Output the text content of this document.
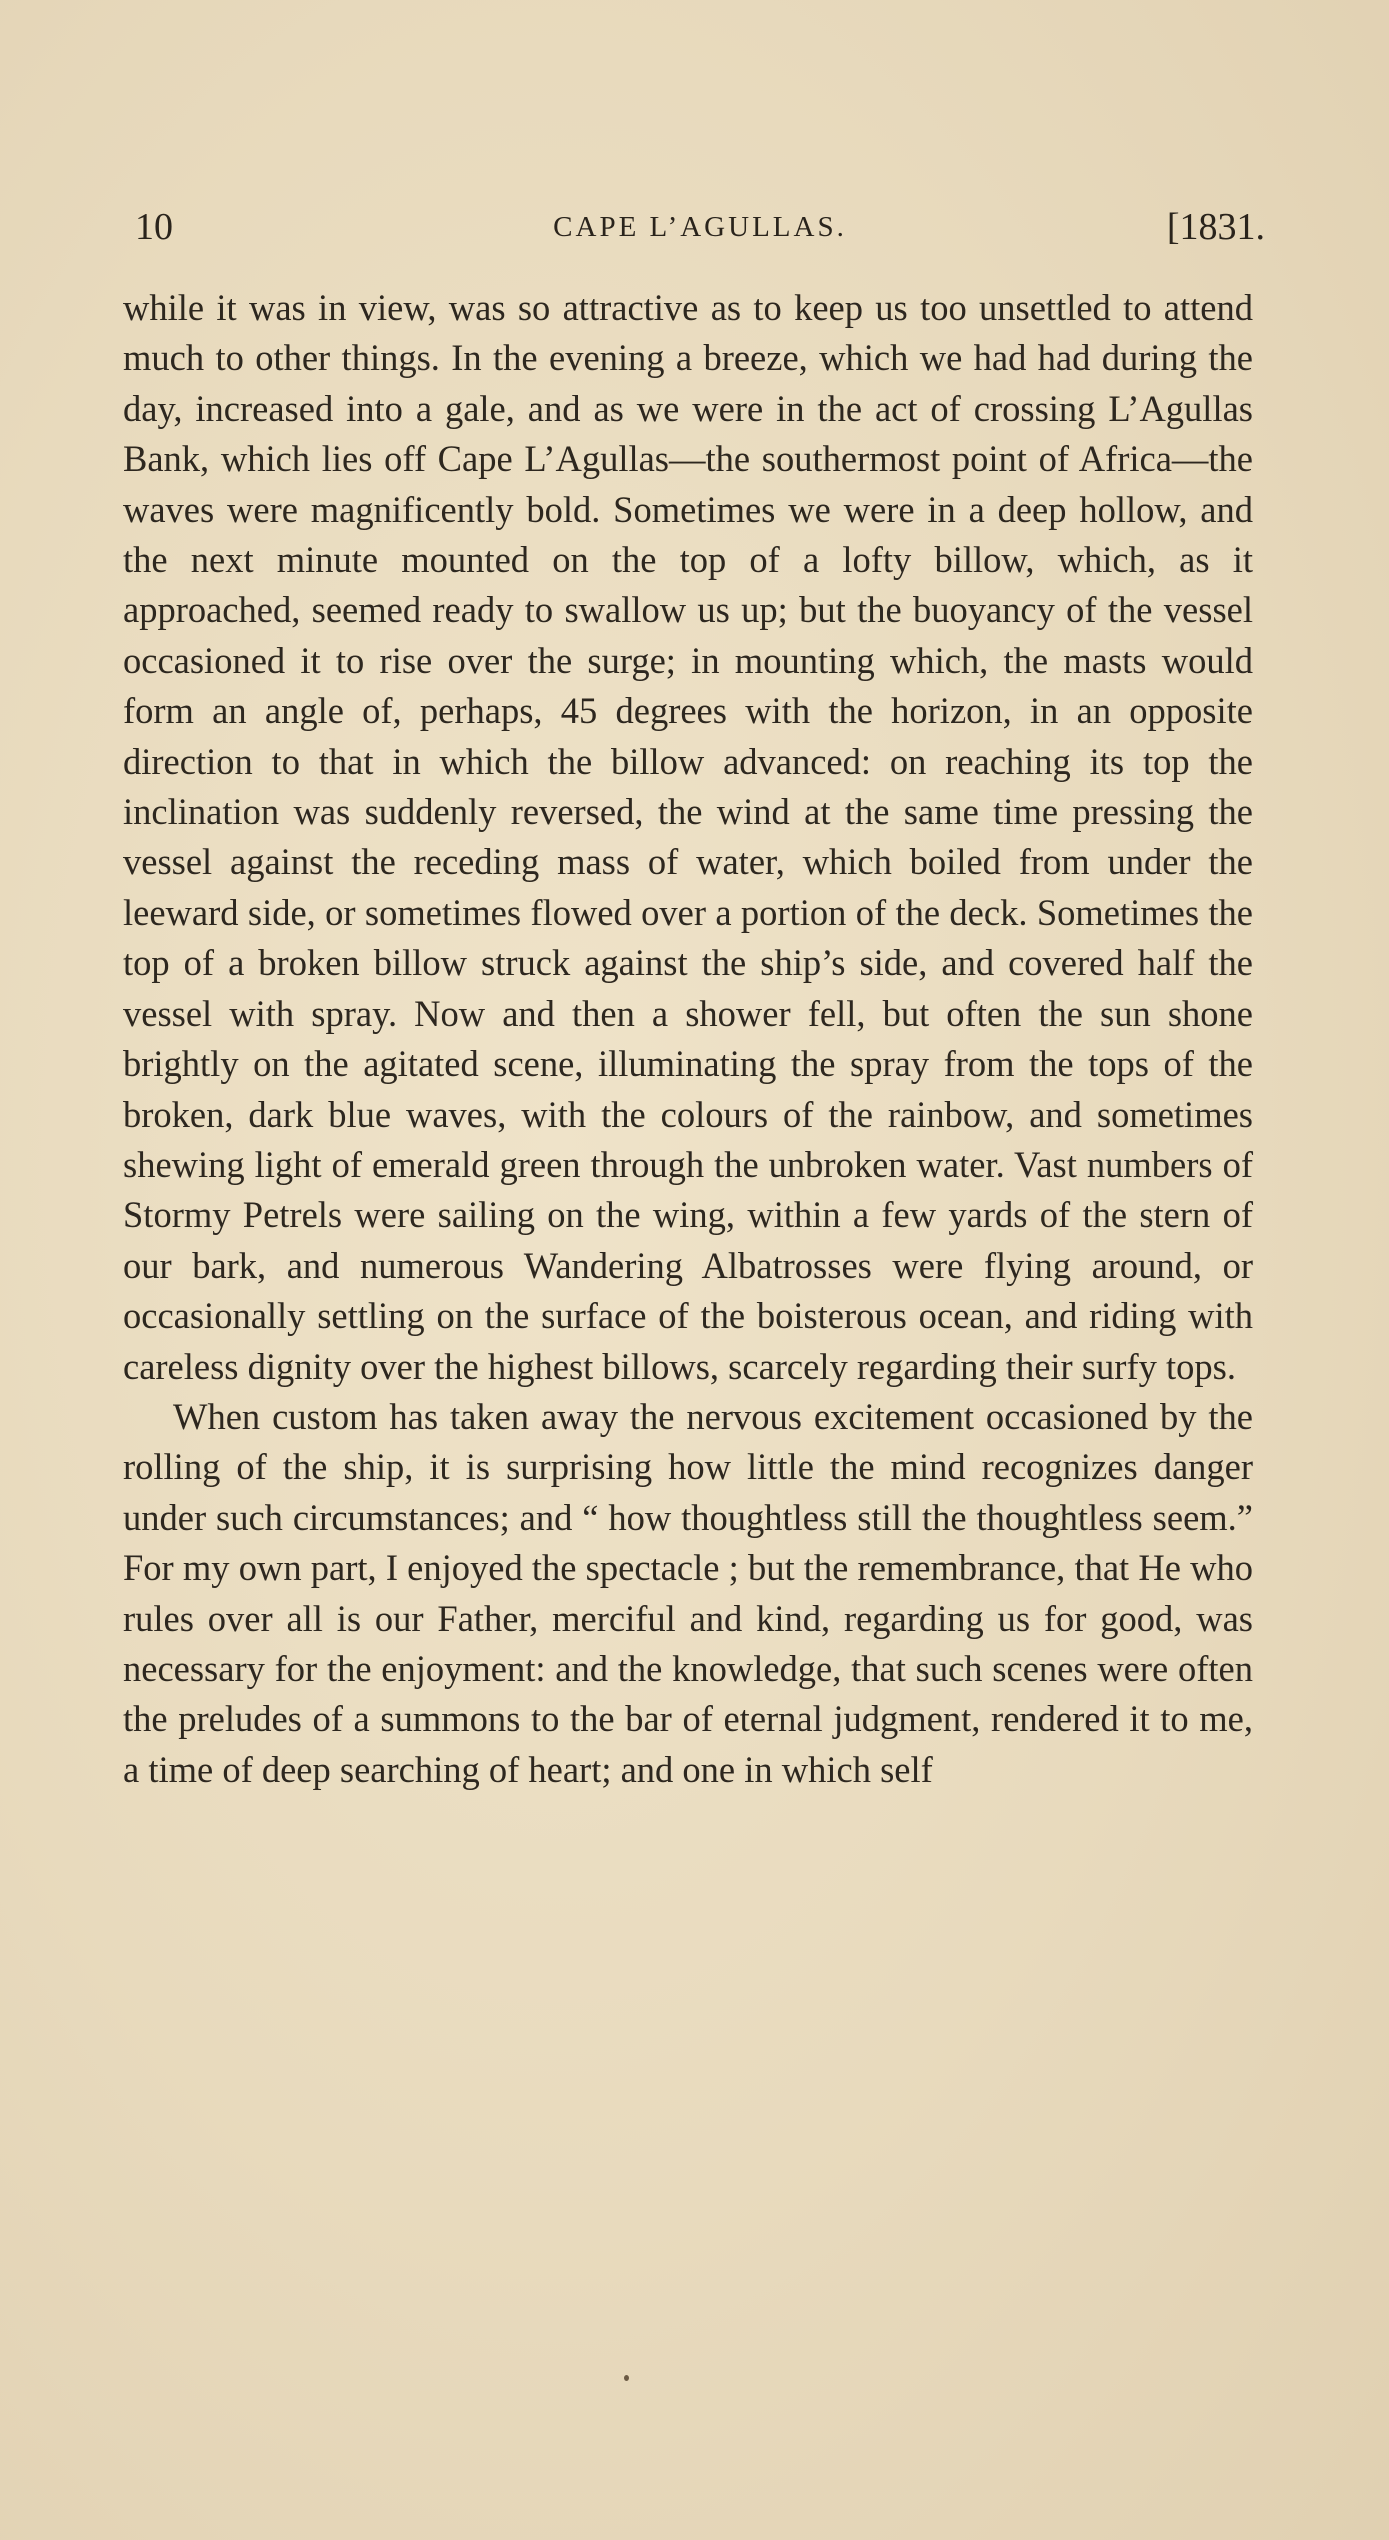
10	CAPE L’AGULLAS.	[1831.

while it was in view, was so attractive as to keep us too unsettled to attend much to other things. In the evening a breeze, which we had had during the day, increased into a gale, and as we were in the act of crossing L’Agullas Bank, which lies off Cape L’Agullas—the southermost point of Africa—the waves were magnificently bold. Sometimes we were in a deep hollow, and the next minute mounted on the top of a lofty billow, which, as it approached, seemed ready to swallow us up; but the buoyancy of the vessel occasioned it to rise over the surge; in mounting which, the masts would form an angle of, perhaps, 45 degrees with the horizon, in an opposite direction to that in which the billow advanced: on reaching its top the inclination was suddenly reversed, the wind at the same time pressing the vessel against the receding mass of water, which boiled from under the leeward side, or sometimes flowed over a portion of the deck. Sometimes the top of a broken billow struck against the ship’s side, and covered half the vessel with spray. Now and then a shower fell, but often the sun shone brightly on the agitated scene, illuminating the spray from the tops of the broken, dark blue waves, with the colours of the rainbow, and sometimes shewing light of emerald green through the unbroken water. Vast numbers of Stormy Petrels were sailing on the wing, within a few yards of the stern of our bark, and numerous Wandering Albatrosses were flying around, or occasionally settling on the surface of the boisterous ocean, and riding with careless dignity over the highest billows, scarcely regarding their surfy tops.

When custom has taken away the nervous excitement occasioned by the rolling of the ship, it is surprising how little the mind recognizes danger under such circumstances; and “ how thoughtless still the thoughtless seem.” For my own part, I enjoyed the spectacle ; but the remembrance, that He who rules over all is our Father, merciful and kind, regarding us for good, was necessary for the enjoyment: and the knowledge, that such scenes were often the preludes of a summons to the bar of eternal judgment, rendered it to me, a time of deep searching of heart; and one in which self
